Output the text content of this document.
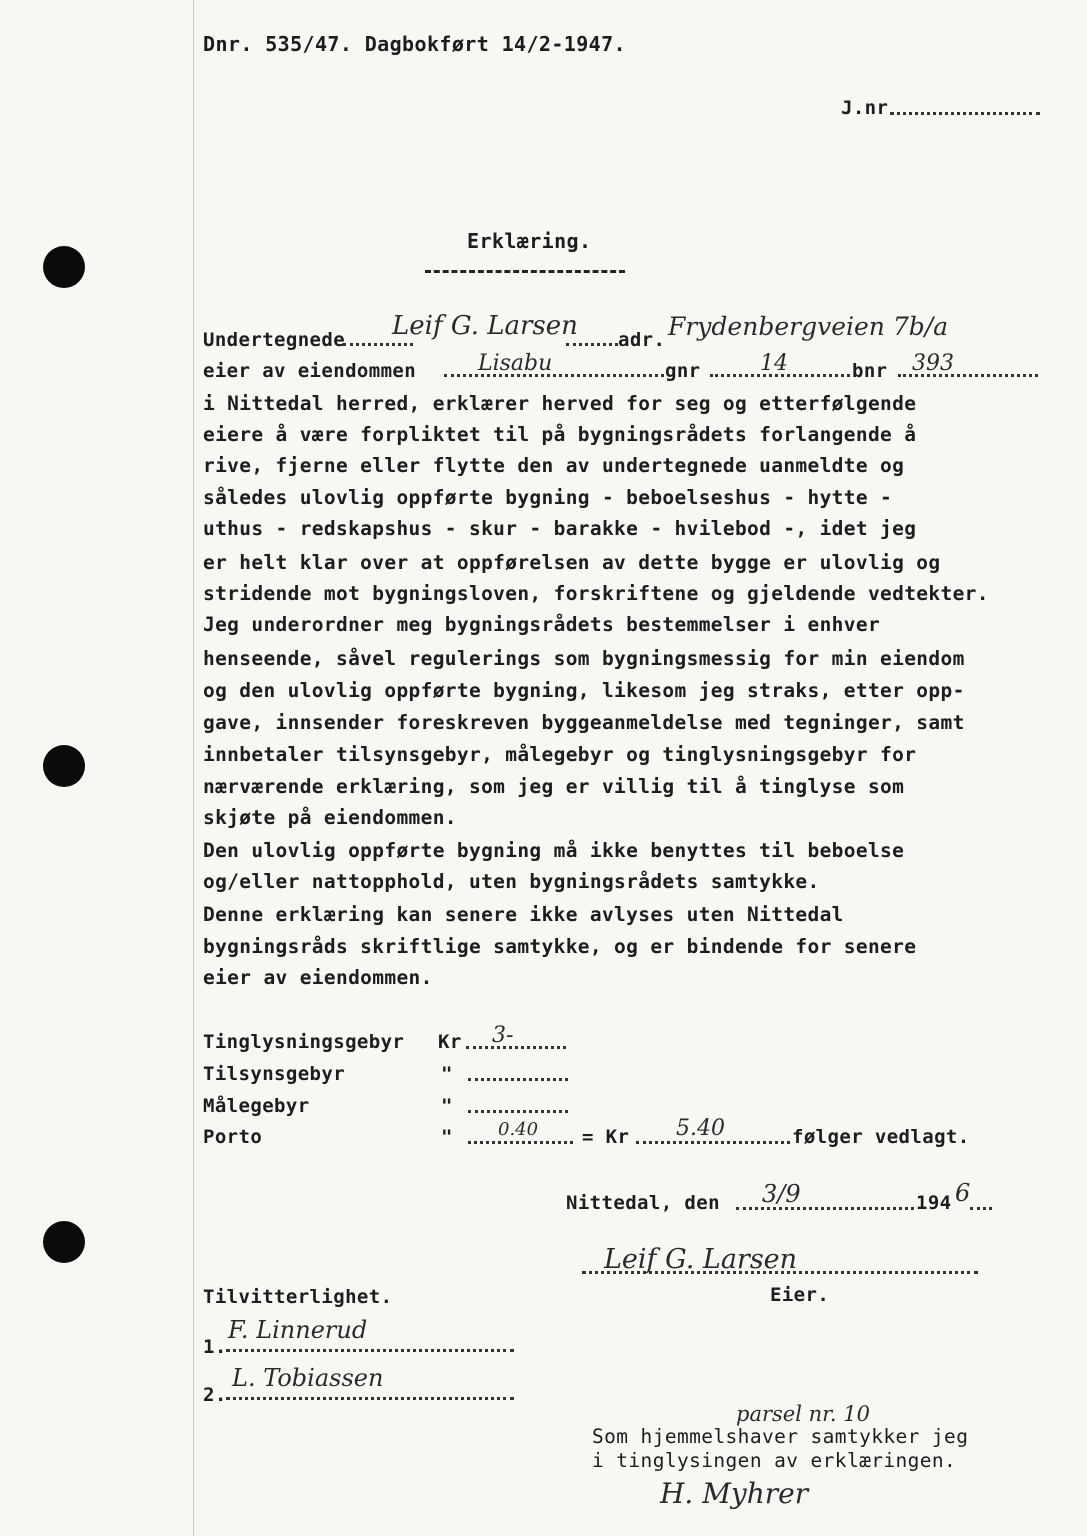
Dnr. 535/47. Dagbokført 14/2-1947.
J.nr
Erklæring.
Undertegnede Leif G. Larsen adr. Frydenbergveien 7b/a
eier av eiendommen	Lisabu	gnr	14	bnr 393
i Nittedal herred, erklærer herved for seg og etterfølgende
eiere å være forpliktet til på bygningsrådets forlangende å
rive, fjerne eller flytte den av undertegnede uanmeldte og
således ulovlig oppførte bygning - beboelseshus - hytte -
uthus - redskapshus - skur - barakke - hvilebod -, idet jeg
er helt klar over at oppførelsen av dette bygge er ulovlig og
stridende mot bygningsloven, forskriftene og gjeldende vedtekter.
Jeg underordner meg bygningsrådets bestemmelser i enhver
henseende, såvel regulerings som bygningsmessig for min eiendom
og den ulovlig oppførte bygning, likesom jeg straks, etter opp-
gave, innsender foreskreven byggeanmeldelse med tegninger, samt
innbetaler tilsynsgebyr, målegebyr og tinglysningsgebyr for
nærværende erklæring, som jeg er villig til å tinglyse som
skjøte på eiendommen.
Den ulovlig oppførte bygning må ikke benyttes til beboelse
og/eller nattopphold, uten bygningsrådets samtykke.
Denne erklæring kan senere ikke avlyses uten Nittedal
bygningsråds skriftlige samtykke, og er bindende for senere
eier av eiendommen.
Tinglysningsgebyr Kr 3-
Tilsynsgebyr	"
Målegebyr	"
Porto	"	0.40 = Kr 5.40	følger vedlagt.
Nittedal, den 3/9	194 6
Leif G. Larsen
Eier.
Tilvitterlighet.
1.
F. Linnerud
2.
L. Tobiassen
parsel nr. 10
Som hjemmelshaver samtykker jeg
i tinglysingen av erklæringen.
H. Myhrer
